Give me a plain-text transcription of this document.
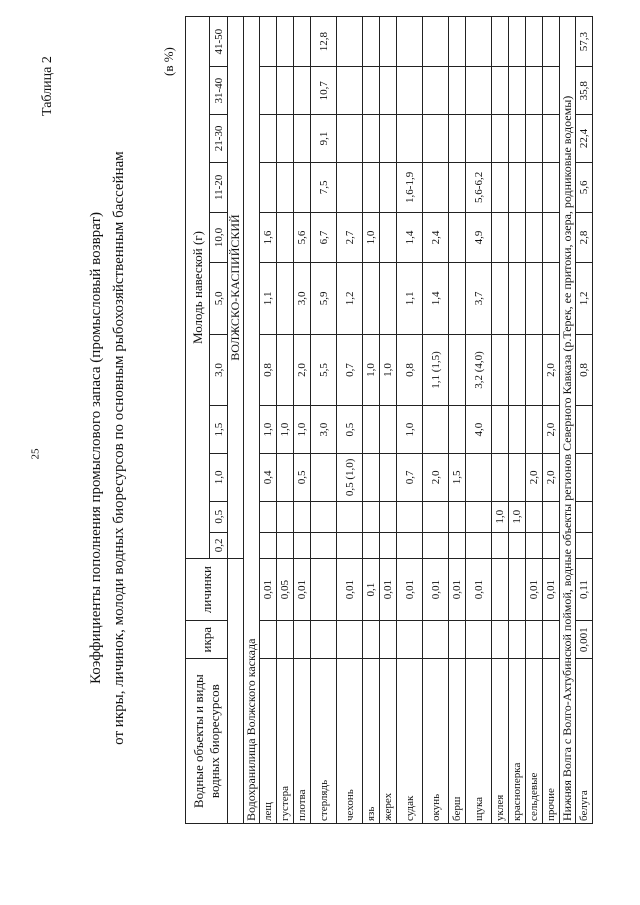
25
Таблица 2
Коэффициенты пополнения промыслового запаса (промысловый возврат) от икры, личинок, молоди водных биоресурсов по основным рыбохозяйственным бассейнам
(в %)
Водные объекты и виды водных биоресурсов	икра	личинки	Молодь навеской (г)										
			0,2	0,5	1,0	1,5	3,0	5,0	10,0	11-20	21-30	31-40	41-50
			ВОЛЖСКО-КАСПИЙСКИЙ										
Водохранилища Волжского каскада													
лещ		0,01			0,4	1,0	0,8	1,1	1,6				
густера		0,05				1,0							
плотва		0,01			0,5	1,0	2,0	3,0	5,6				
стерлядь						3,0	5,5	5,9	6,7	7,5	9,1	10,7	12,8
чехонь		0,01			0,5 (1,0)	0,5	0,7	1,2	2,7				
язь		0,1					1,0		1,0				
жерех		0,01					1,0						
судак		0,01			0,7	1,0	0,8	1,1	1,4	1,6-1,9			
окунь		0,01			2,0		1,1 (1,5)	1,4	2,4				
берш		0,01			1,5								
щука		0,01				4,0	3,2 (4,0)	3,7	4,9	5,6-6,2			
уклея				1,0									
красноперка				1,0									
сельдевые		0,01			2,0								
прочие		0,01			2,0	2,0	2,0						
Нижняя Волга с Волго-Ахтубинской поймой, водные объекты регионов Северного Кавказа (р.Терек, ее притоки, озера, родниковые водоемы)													
белуга	0,001	0,11					0,8	1,2	2,8	5,6	22,4	35,8	57,3
